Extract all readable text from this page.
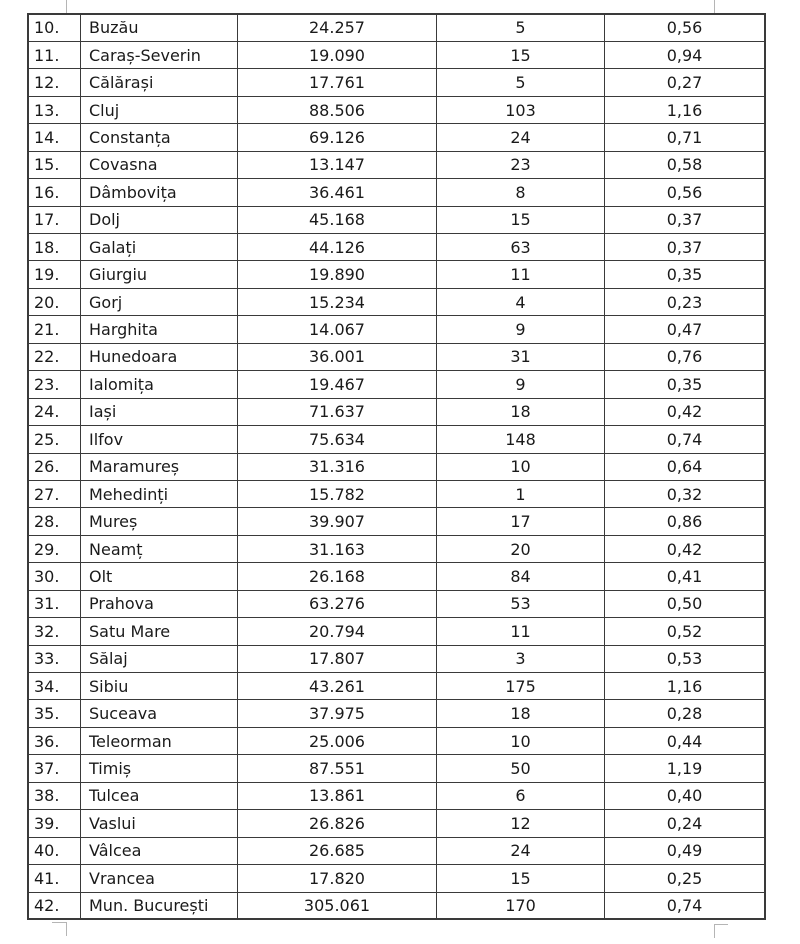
10.	Buzău	24.257	5	0,56
11.	Caraș-Severin	19.090	15	0,94
12.	Călărași	17.761	5	0,27
13.	Cluj	88.506	103	1,16
14.	Constanța	69.126	24	0,71
15.	Covasna	13.147	23	0,58
16.	Dâmbovița	36.461	8	0,56
17.	Dolj	45.168	15	0,37
18.	Galați	44.126	63	0,37
19.	Giurgiu	19.890	11	0,35
20.	Gorj	15.234	4	0,23
21.	Harghita	14.067	9	0,47
22.	Hunedoara	36.001	31	0,76
23.	Ialomița	19.467	9	0,35
24.	Iași	71.637	18	0,42
25.	Ilfov	75.634	148	0,74
26.	Maramureș	31.316	10	0,64
27.	Mehedinți	15.782	1	0,32
28.	Mureș	39.907	17	0,86
29.	Neamț	31.163	20	0,42
30.	Olt	26.168	84	0,41
31.	Prahova	63.276	53	0,50
32.	Satu Mare	20.794	11	0,52
33.	Sălaj	17.807	3	0,53
34.	Sibiu	43.261	175	1,16
35.	Suceava	37.975	18	0,28
36.	Teleorman	25.006	10	0,44
37.	Timiș	87.551	50	1,19
38.	Tulcea	13.861	6	0,40
39.	Vaslui	26.826	12	0,24
40.	Vâlcea	26.685	24	0,49
41.	Vrancea	17.820	15	0,25
42.	Mun. București	305.061	170	0,74
